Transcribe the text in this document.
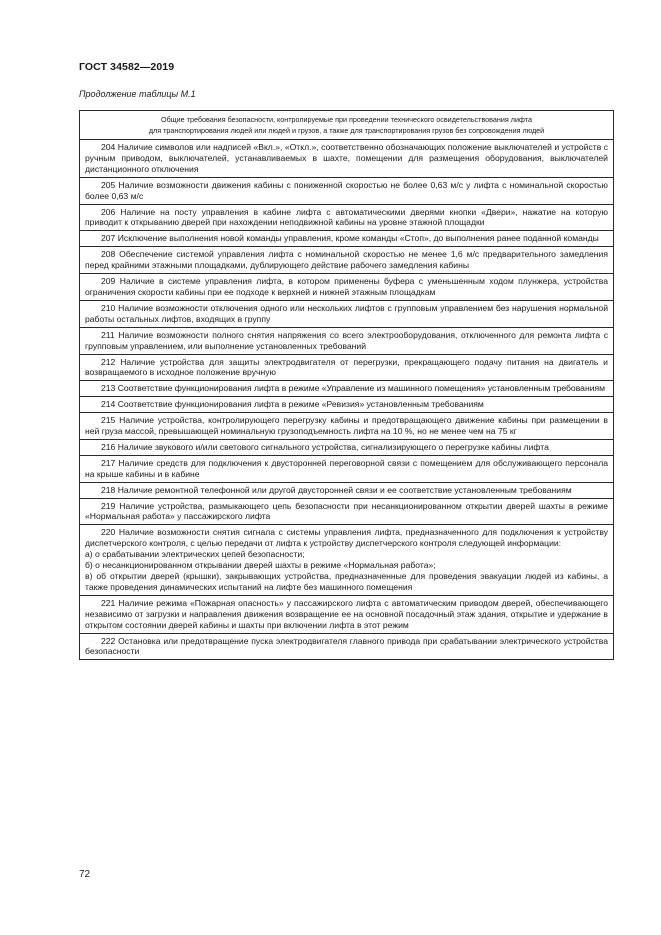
ГОСТ 34582—2019
Продолжение таблицы М.1
Общие требования безопасности, контролируемые при проведении технического освидетельствования лифта
для транспортирования людей или людей и грузов, а также для транспортирования грузов без сопровождения людей

204 Наличие символов или надписей «Вкл.», «Откл.», соответственно обозначающих положение выключателей и устройств с ручным приводом, выключателей, устанавливаемых в шахте, помещении для размещения оборудования, выключателей дистанционного отключения
205 Наличие возможности движения кабины с пониженной скоростью не более 0,63 м/с у лифта с номинальной скоростью более 0,63 м/с
206 Наличие на посту управления в кабине лифта с автоматическими дверями кнопки «Двери», нажатие на которую приводит к открыванию дверей при нахождении неподвижной кабины на уровне этажной площадки
207 Исключение выполнения новой команды управления, кроме команды «Стоп», до выполнения ранее поданной команды
208 Обеспечение системой управления лифта с номинальной скоростью не менее 1,6 м/с предварительного замедления перед крайними этажными площадками, дублирующего действие рабочего замедления кабины
209 Наличие в системе управления лифта, в котором применены буфера с уменьшенным ходом плунжера, устройства ограничения скорости кабины при ее подходе к верхней и нижней этажным площадкам
210 Наличие возможности отключения одного или нескольких лифтов с групповым управлением без нарушения нормальной работы остальных лифтов, входящих в группу
211 Наличие возможности полного снятия напряжения со всего электрооборудования, отключенного для ремонта лифта с групповым управлением, или выполнение установленных требований
212 Наличие устройства для защиты электродвигателя от перегрузки, прекращающего подачу питания на двигатель и возвращаемого в исходное положение вручную
213 Соответствие функционирования лифта в режиме «Управление из машинного помещения» установленным требованиям
214 Соответствие функционирования лифта в режиме «Ревизия» установленным требованиям
215 Наличие устройства, контролирующего перегрузку кабины и предотвращающего движение кабины при размещении в ней груза массой, превышающей номинальную грузоподъемность лифта на 10 %, но не менее чем на 75 кг
216 Наличие звукового и/или светового сигнального устройства, сигнализирующего о перегрузке кабины лифта
217 Наличие средств для подключения к двусторонней переговорной связи с помещением для обслуживающего персонала на крыше кабины и в кабине
218 Наличие ремонтной телефонной или другой двусторонней связи и ее соответствие установленным требованиям
219 Наличие устройства, размыкающего цепь безопасности при несанкционированном открытии дверей шахты в режиме «Нормальная работа» у пассажирского лифта
220 Наличие возможности снятия сигнала с системы управления лифта, предназначенного для подключения к устройству диспетчерского контроля, с целью передачи от лифта к устройству диспетчерского контроля следующей информации:
а) о срабатывании электрических цепей безопасности;
б) о несанкционированном открывании дверей шахты в режиме «Нормальная работа»;
в) об открытии дверей (крышки), закрывающих устройства, предназначенные для проведения эвакуации людей из кабины, а также проведения динамических испытаний на лифте без машинного помещения

221 Наличие режима «Пожарная опасность» у пассажирского лифта с автоматическим приводом дверей, обеспечивающего независимо от загрузки и направления движения возвращение ее на основной посадочный этаж здания, открытие и удержание в открытом состоянии дверей кабины и шахты при включении лифта в этот режим
222 Остановка или предотвращение пуска электродвигателя главного привода при срабатывании электрического устройства безопасности
72
